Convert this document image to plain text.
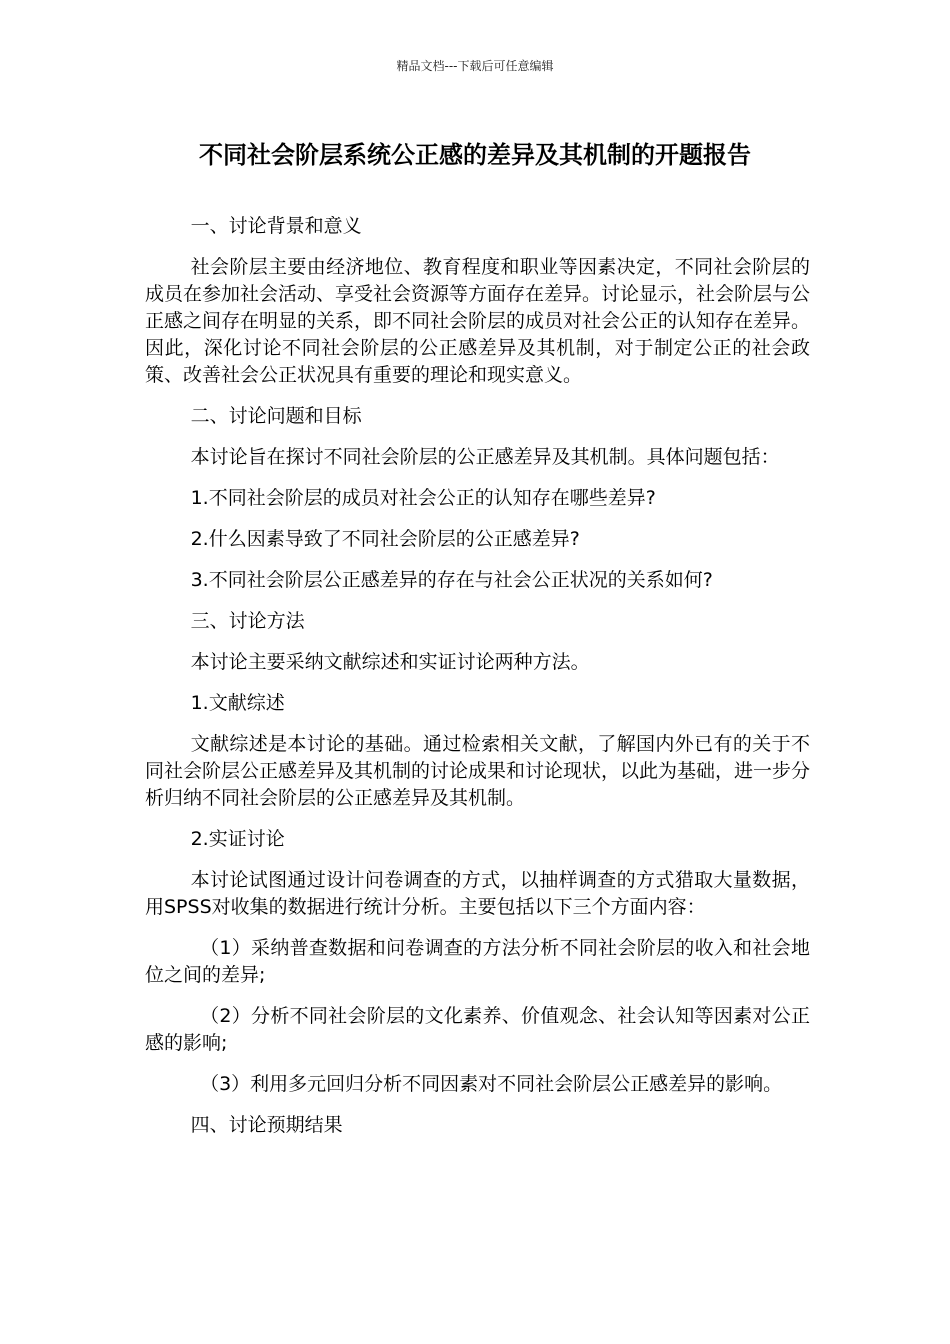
精品文档---下载后可任意编辑
不同社会阶层系统公正感的差异及其机制的开题报告

一、讨论背景和意义

社会阶层主要由经济地位、教育程度和职业等因素决定，不同社会阶层的成员在参加社会活动、享受社会资源等方面存在差异。讨论显示，社会阶层与公正感之间存在明显的关系，即不同社会阶层的成员对社会公正的认知存在差异。因此，深化讨论不同社会阶层的公正感差异及其机制，对于制定公正的社会政策、改善社会公正状况具有重要的理论和现实意义。

二、讨论问题和目标

本讨论旨在探讨不同社会阶层的公正感差异及其机制。具体问题包括：

1.不同社会阶层的成员对社会公正的认知存在哪些差异?

2.什么因素导致了不同社会阶层的公正感差异?

3.不同社会阶层公正感差异的存在与社会公正状况的关系如何?

三、讨论方法

本讨论主要采纳文献综述和实证讨论两种方法。

1.文献综述

文献综述是本讨论的基础。通过检索相关文献，了解国内外已有的关于不同社会阶层公正感差异及其机制的讨论成果和讨论现状，以此为基础，进一步分析归纳不同社会阶层的公正感差异及其机制。

2.实证讨论

本讨论试图通过设计问卷调查的方式，以抽样调查的方式猎取大量数据，用SPSS对收集的数据进行统计分析。主要包括以下三个方面内容：

（1）采纳普查数据和问卷调查的方法分析不同社会阶层的收入和社会地位之间的差异;

（2）分析不同社会阶层的文化素养、价值观念、社会认知等因素对公正感的影响;

（3）利用多元回归分析不同因素对不同社会阶层公正感差异的影响。

四、讨论预期结果
